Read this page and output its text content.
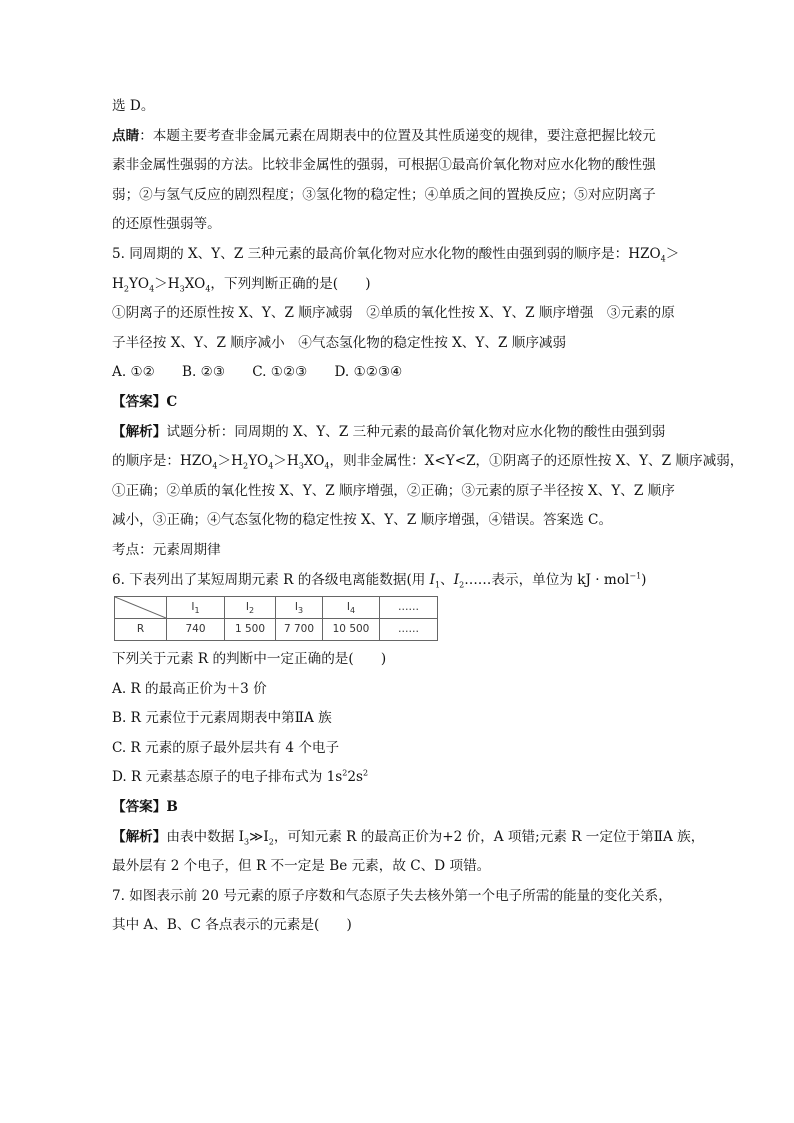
选 D。
点睛：本题主要考查非金属元素在周期表中的位置及其性质递变的规律，要注意把握比较元
素非金属性强弱的方法。比较非金属性的强弱，可根据①最高价氧化物对应水化物的酸性强
弱；②与氢气反应的剧烈程度；③氢化物的稳定性；④单质之间的置换反应；⑤对应阴离子
的还原性强弱等。
5. 同周期的 X、Y、Z 三种元素的最高价氧化物对应水化物的酸性由强到弱的顺序是：$HZO_4>$
$H_2YO_4>H_3XO_4$，下列判断正确的是(　　)
①阴离子的还原性按 X、Y、Z 顺序减弱　②单质的氧化性按 X、Y、Z 顺序增强　③元素的原
子半径按 X、Y、Z 顺序减小　④气态氢化物的稳定性按 X、Y、Z 顺序减弱
A. ①②　　B. ②③　　C. ①②③　　D. ①②③④
【答案】C
【解析】试题分析：同周期的 X、Y、Z 三种元素的最高价氧化物对应水化物的酸性由强到弱
的顺序是：$HZO_4>H_2YO_4>H_3XO_4$，则非金属性：X<Y<Z，①阴离子的还原性按 X、Y、Z 顺序减弱，
①正确；②单质的氧化性按 X、Y、Z 顺序增强，②正确；③元素的原子半径按 X、Y、Z 顺序
减小，③正确；④气态氢化物的稳定性按 X、Y、Z 顺序增强，④错误。答案选 C。
考点：元素周期律
6. 下表列出了某短周期元素 R 的各级电离能数据(用 $I_1$、$I_2\dots\dots$表示，单位为 kJ · mol$^{-1}$)
	$I_1$	$I_2$	$I_3$	$I_4$	……
R	740	1 500	7 700	10 500	……
下列关于元素 R 的判断中一定正确的是(　　)
A. R 的最高正价为＋3 价
B. R 元素位于元素周期表中第ⅡA 族
C. R 元素的原子最外层共有 4 个电子
D. R 元素基态原子的电子排布式为 $1s^22s^2$
【答案】B
【解析】由表中数据 $I_3≫I_2$，可知元素 R 的最高正价为+2 价，A 项错;元素 R 一定位于第ⅡA 族，
最外层有 2 个电子，但 R 不一定是 Be 元素，故 C、D 项错。
7. 如图表示前 20 号元素的原子序数和气态原子失去核外第一个电子所需的能量的变化关系，
其中 A、B、C 各点表示的元素是(　　)
